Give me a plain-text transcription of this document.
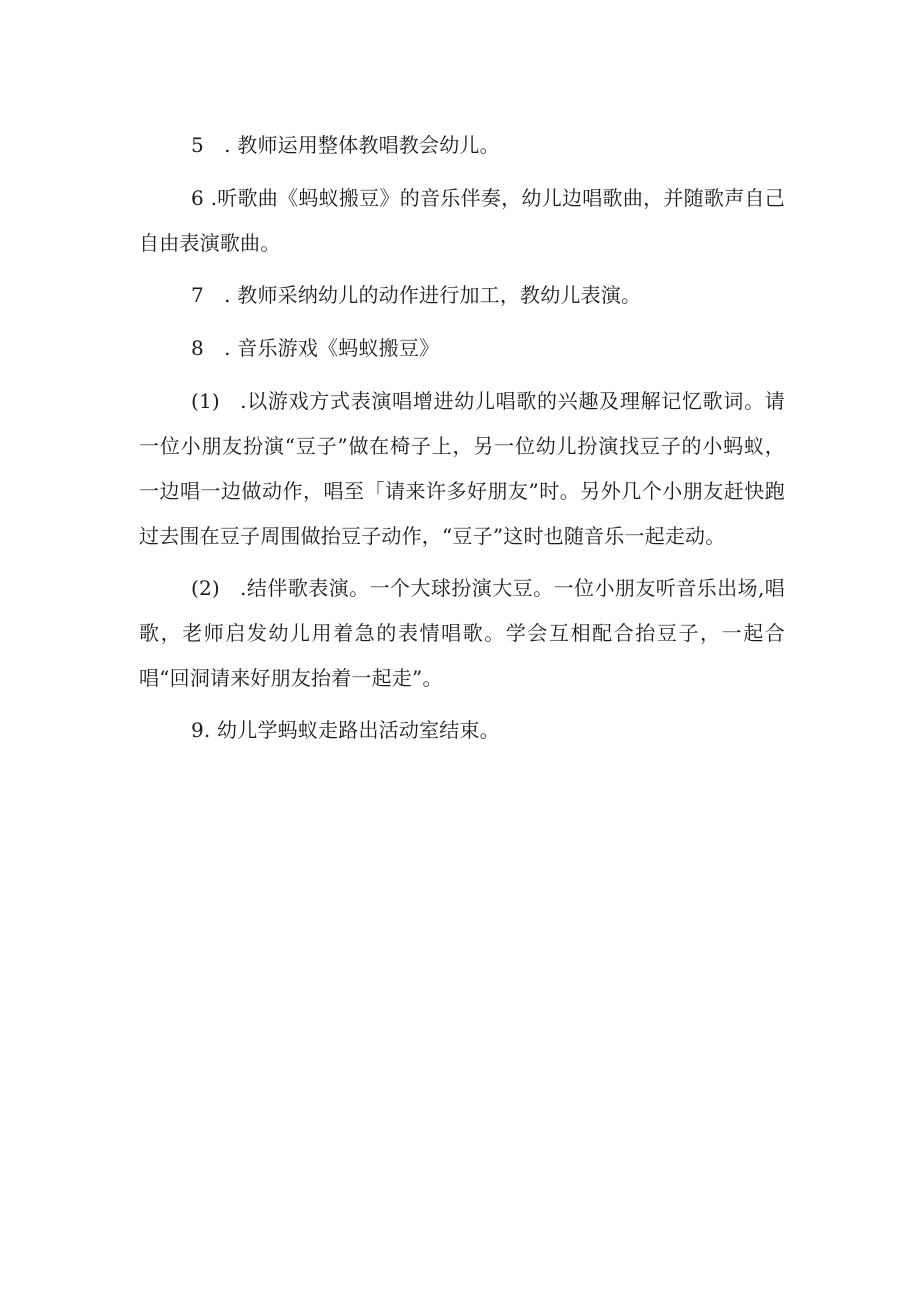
5 . 教师运用整体教唱教会幼儿。

6 .听歌曲《蚂蚁搬豆》的音乐伴奏，幼儿边唱歌曲，并随歌声自己自由表演歌曲。

7 . 教师采纳幼儿的动作进行加工，教幼儿表演。

8 . 音乐游戏《蚂蚁搬豆》

(1) .以游戏方式表演唱增进幼儿唱歌的兴趣及理解记忆歌词。请一位小朋友扮演“豆子”做在椅子上，另一位幼儿扮演找豆子的小蚂蚁，一边唱一边做动作，唱至「请来许多好朋友”时。另外几个小朋友赶快跑过去围在豆子周围做抬豆子动作，“豆子”这时也随音乐一起走动。

(2) .结伴歌表演。一个大球扮演大豆。一位小朋友听音乐出场,唱歌，老师启发幼儿用着急的表情唱歌。学会互相配合抬豆子，一起合唱“回洞请来好朋友抬着一起走”。

9. 幼儿学蚂蚁走路出活动室结束。
